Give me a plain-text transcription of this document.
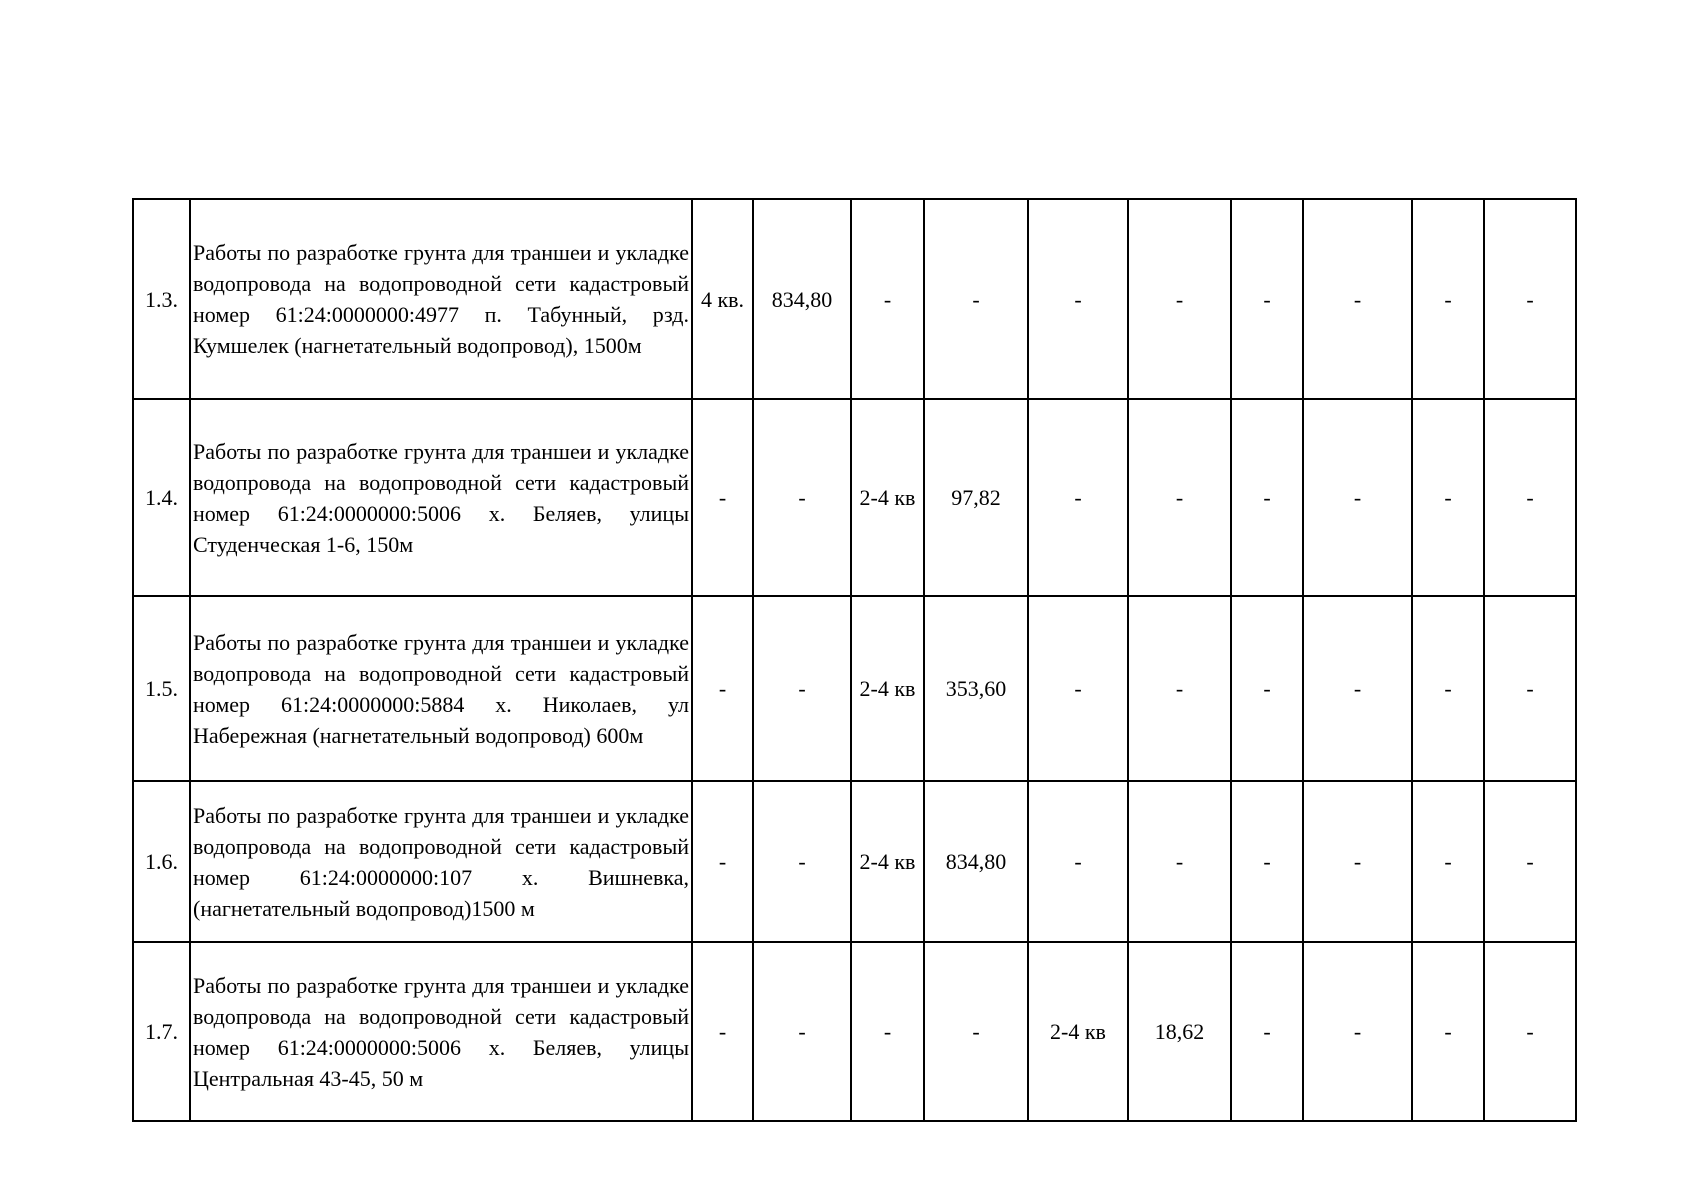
1.3.	Работы по разработке грунта для траншеи и укладке водопровода на водопроводной сети кадастровый номер 61:24:0000000:4977 п. Табунный, рзд. Кумшелек (нагнетательный водопровод), 1500м	4 кв.	834,80	-	-	-	-	-	-	-	-
1.4.	Работы по разработке грунта для траншеи и укладке водопровода на водопроводной сети кадастровый номер 61:24:0000000:5006 х. Беляев, улицы Студенческая 1-6, 150м	-	-	2-4 кв	97,82	-	-	-	-	-	-
1.5.	Работы по разработке грунта для траншеи и укладке водопровода на водопроводной сети кадастровый номер 61:24:0000000:5884 х. Николаев, ул Набережная (нагнетательный водопровод) 600м	-	-	2-4 кв	353,60	-	-	-	-	-	-
1.6.	Работы по разработке грунта для траншеи и укладке водопровода на водопроводной сети кадастровый номер 61:24:0000000:107 х. Вишневка, (нагнетательный водопровод)1500 м	-	-	2-4 кв	834,80	-	-	-	-	-	-
1.7.	Работы по разработке грунта для траншеи и укладке водопровода на водопроводной сети кадастровый номер 61:24:0000000:5006 х. Беляев, улицы Центральная 43-45, 50 м	-	-	-	-	2-4 кв	18,62	-	-	-	-
